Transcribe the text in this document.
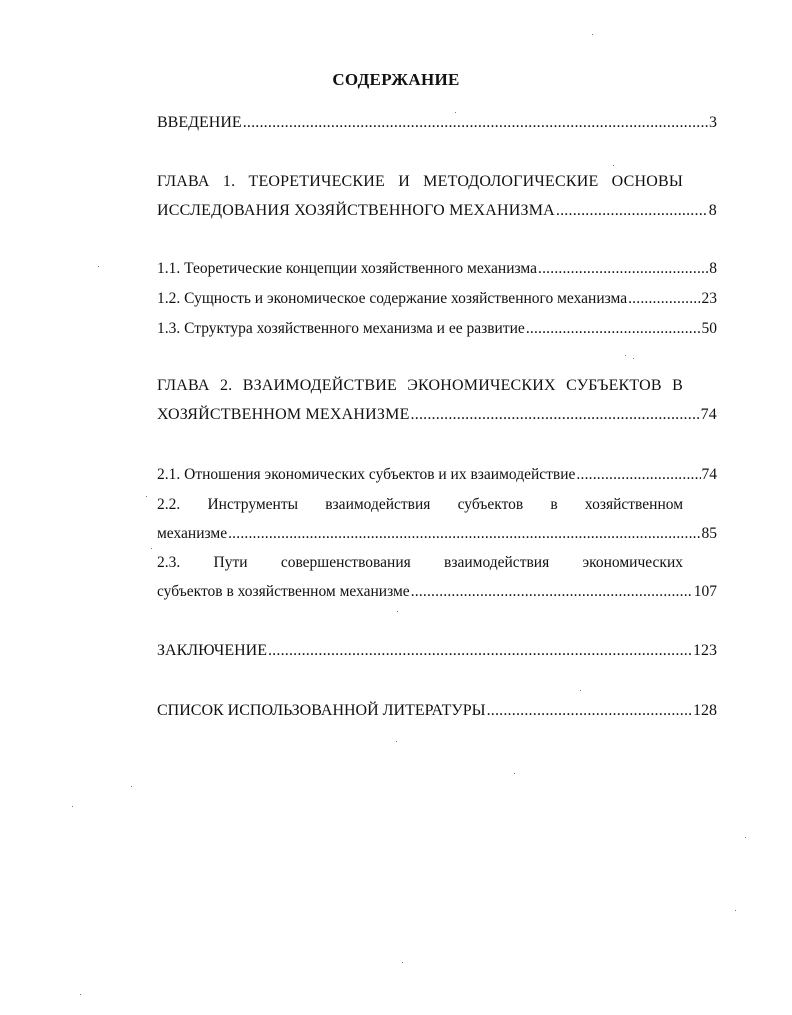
СОДЕРЖАНИЕ
ВВЕДЕНИЕ .....	3
ГЛАВА 1. ТЕОРЕТИЧЕСКИЕ И МЕТОДОЛОГИЧЕСКИЕ ОСНОВЫ
ИССЛЕДОВАНИЯ ХОЗЯЙСТВЕННОГО МЕХАНИЗМА .....	8
1.1. Теоретические концепции хозяйственного механизма .....	8
1.2. Сущность и экономическое содержание хозяйственного механизма .....	23
1.3. Структура хозяйственного механизма и ее развитие .....	50
ГЛАВА 2. ВЗАИМОДЕЙСТВИЕ ЭКОНОМИЧЕСКИХ СУБЪЕКТОВ В
ХОЗЯЙСТВЕННОМ МЕХАНИЗМЕ .....	74
2.1. Отношения экономических субъектов и их взаимодействие .....	74
2.2. Инструменты взаимодействия субъектов в хозяйственном
механизме .....	85
2.3. Пути совершенствования взаимодействия экономических
субъектов в хозяйственном механизме .....	107
ЗАКЛЮЧЕНИЕ .....	123
СПИСОК ИСПОЛЬЗОВАННОЙ ЛИТЕРАТУРЫ .....	128
